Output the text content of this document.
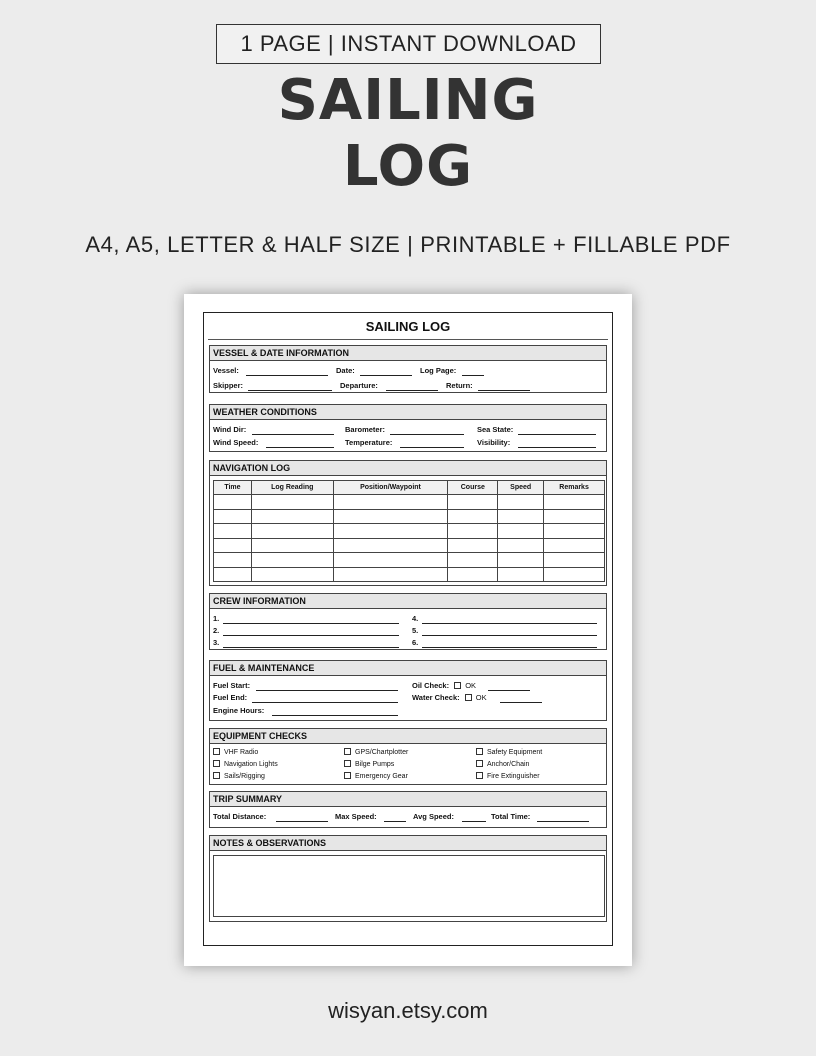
1 PAGE | INSTANT DOWNLOAD
SAILING
LOG
A4, A5, LETTER & HALF SIZE | PRINTABLE + FILLABLE PDF
SAILING LOG
VESSEL & DATE INFORMATION
Vessel:	Date:	Log Page:
Skipper:	Departure:	Return:
WEATHER CONDITIONS
Wind Dir:	Barometer:	Sea State:
Wind Speed:	Temperature:	Visibility:
NAVIGATION LOG
Time	Log Reading	Position/Waypoint	Course	Speed	Remarks

CREW INFORMATION
1.
2.
3.
4.
5.
6.
FUEL & MAINTENANCE
Fuel Start:
Fuel End:
Engine Hours:
Oil Check: OK
Water Check: OK
EQUIPMENT CHECKS
VHF Radio	GPS/Chartplotter	Safety Equipment
Navigation Lights	Bilge Pumps	Anchor/Chain
Sails/Rigging	Emergency Gear	Fire Extinguisher
TRIP SUMMARY
Total Distance:	Max Speed:	Avg Speed:	Total Time:
NOTES & OBSERVATIONS
wisyan.etsy.com
